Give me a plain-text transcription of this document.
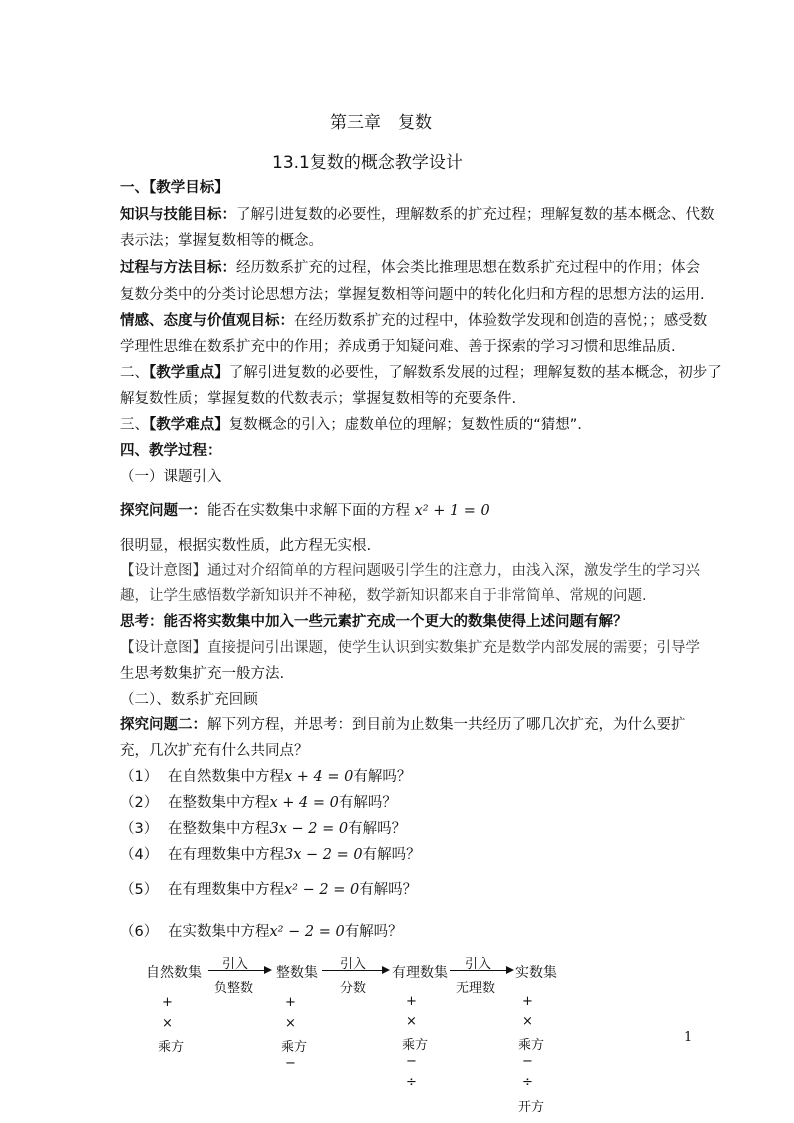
第三章　复数
13.1复数的概念教学设计
一、【教学目标】
知识与技能目标：了解引进复数的必要性，理解数系的扩充过程；理解复数的基本概念、代数
表示法；掌握复数相等的概念。
过程与方法目标：经历数系扩充的过程，体会类比推理思想在数系扩充过程中的作用；体会
复数分类中的分类讨论思想方法；掌握复数相等问题中的转化化归和方程的思想方法的运用.
情感、态度与价值观目标：在经历数系扩充的过程中，体验数学发现和创造的喜悦；；感受数
学理性思维在数系扩充中的作用；养成勇于知疑问难、善于探索的学习习惯和思维品质.
二、【教学重点】了解引进复数的必要性，了解数系发展的过程；理解复数的基本概念，初步了
解复数性质；掌握复数的代数表示；掌握复数相等的充要条件.
三、【教学难点】复数概念的引入；虚数单位的理解；复数性质的“猜想”.
四、教学过程：
（一）课题引入
探究问题一：能否在实数集中求解下面的方程 x² + 1 = 0
很明显，根据实数性质，此方程无实根.
【设计意图】通过对介绍简单的方程问题吸引学生的注意力，由浅入深，激发学生的学习兴
趣，让学生感悟数学新知识并不神秘，数学新知识都来自于非常简单、常规的问题.
思考：能否将实数集中加入一些元素扩充成一个更大的数集使得上述问题有解？
【设计意图】直接提问引出课题，使学生认识到实数集扩充是数学内部发展的需要；引导学
生思考数集扩充一般方法.
（二）、数系扩充回顾
探究问题二：解下列方程，并思考：到目前为止数集一共经历了哪几次扩充，为什么要扩
充，几次扩充有什么共同点？
（1） 在自然数集中方程x + 4 = 0有解吗？
（2） 在整数集中方程x + 4 = 0有解吗？
（3） 在整数集中方程3x − 2 = 0有解吗？
（4） 在有理数集中方程3x − 2 = 0有解吗？
（5） 在有理数集中方程x² − 2 = 0有解吗？
（6） 在实数集中方程x² − 2 = 0有解吗？
自然数集	整数集	有理数集	实数集
引入
负整数
引入
分数
引入
无理数
+
×
乘方
+
×
乘方
−
+
×
乘方
−
÷
+
×
乘方
−
÷
开方
1
